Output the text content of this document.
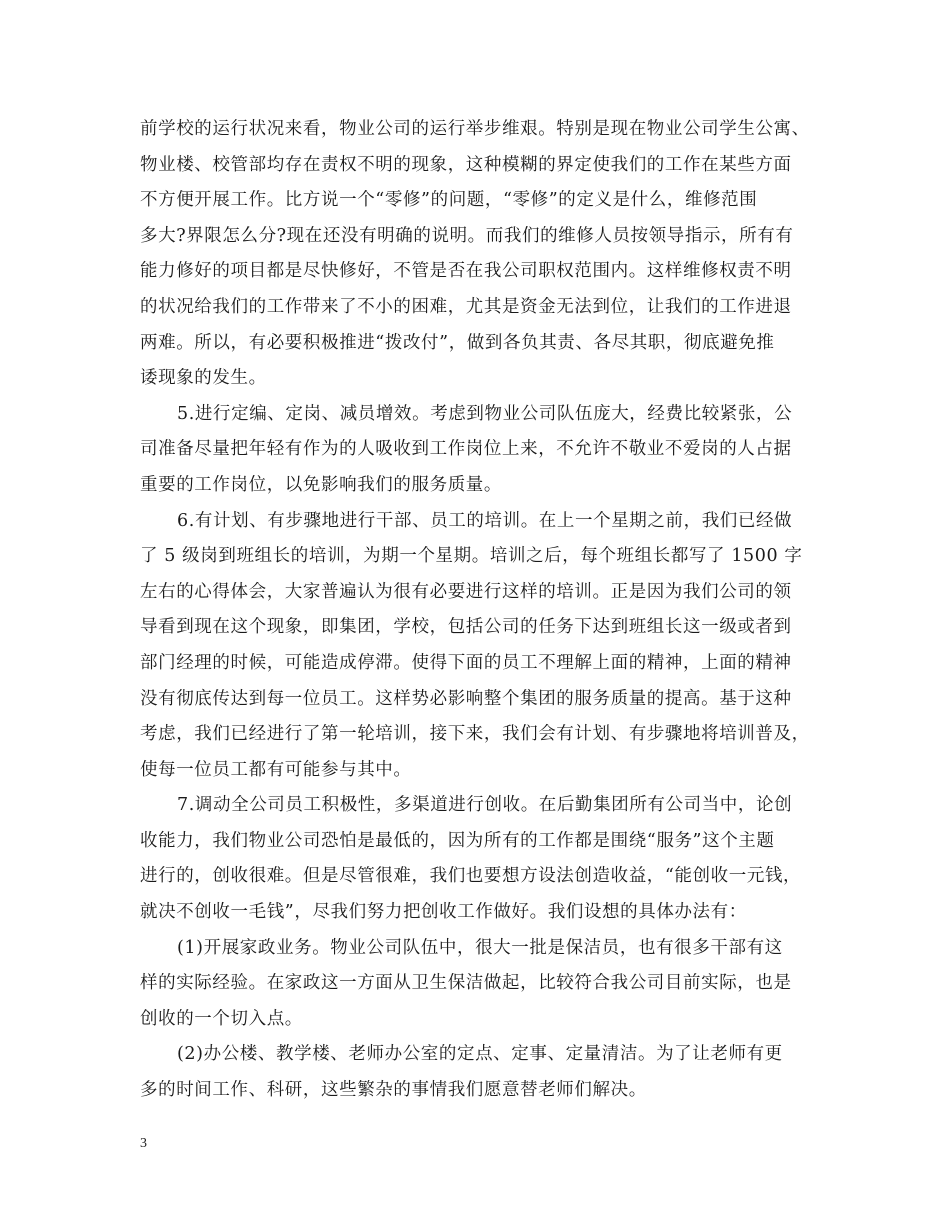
前学校的运行状况来看，物业公司的运行举步维艰。特别是现在物业公司学生公寓、
物业楼、校管部均存在责权不明的现象，这种模糊的界定使我们的工作在某些方面
不方便开展工作。比方说一个“零修”的问题，“零修”的定义是什么，维修范围
多大?界限怎么分?现在还没有明确的说明。而我们的维修人员按领导指示，所有有
能力修好的项目都是尽快修好，不管是否在我公司职权范围内。这样维修权责不明
的状况给我们的工作带来了不小的困难，尤其是资金无法到位，让我们的工作进退
两难。所以，有必要积极推进“拨改付”，做到各负其责、各尽其职，彻底避免推
诿现象的发生。
5.进行定编、定岗、减员增效。考虑到物业公司队伍庞大，经费比较紧张，公
司准备尽量把年轻有作为的人吸收到工作岗位上来，不允许不敬业不爱岗的人占据
重要的工作岗位，以免影响我们的服务质量。
6.有计划、有步骤地进行干部、员工的培训。在上一个星期之前，我们已经做
了 5 级岗到班组长的培训，为期一个星期。培训之后，每个班组长都写了 1500 字
左右的心得体会，大家普遍认为很有必要进行这样的培训。正是因为我们公司的领
导看到现在这个现象，即集团，学校，包括公司的任务下达到班组长这一级或者到
部门经理的时候，可能造成停滞。使得下面的员工不理解上面的精神，上面的精神
没有彻底传达到每一位员工。这样势必影响整个集团的服务质量的提高。基于这种
考虑，我们已经进行了第一轮培训，接下来，我们会有计划、有步骤地将培训普及，
使每一位员工都有可能参与其中。
7.调动全公司员工积极性，多渠道进行创收。在后勤集团所有公司当中，论创
收能力，我们物业公司恐怕是最低的，因为所有的工作都是围绕“服务”这个主题
进行的，创收很难。但是尽管很难，我们也要想方设法创造收益，“能创收一元钱，
就决不创收一毛钱”，尽我们努力把创收工作做好。我们设想的具体办法有：
(1)开展家政业务。物业公司队伍中，很大一批是保洁员，也有很多干部有这
样的实际经验。在家政这一方面从卫生保洁做起，比较符合我公司目前实际，也是
创收的一个切入点。
(2)办公楼、教学楼、老师办公室的定点、定事、定量清洁。为了让老师有更
多的时间工作、科研，这些繁杂的事情我们愿意替老师们解决。
3
